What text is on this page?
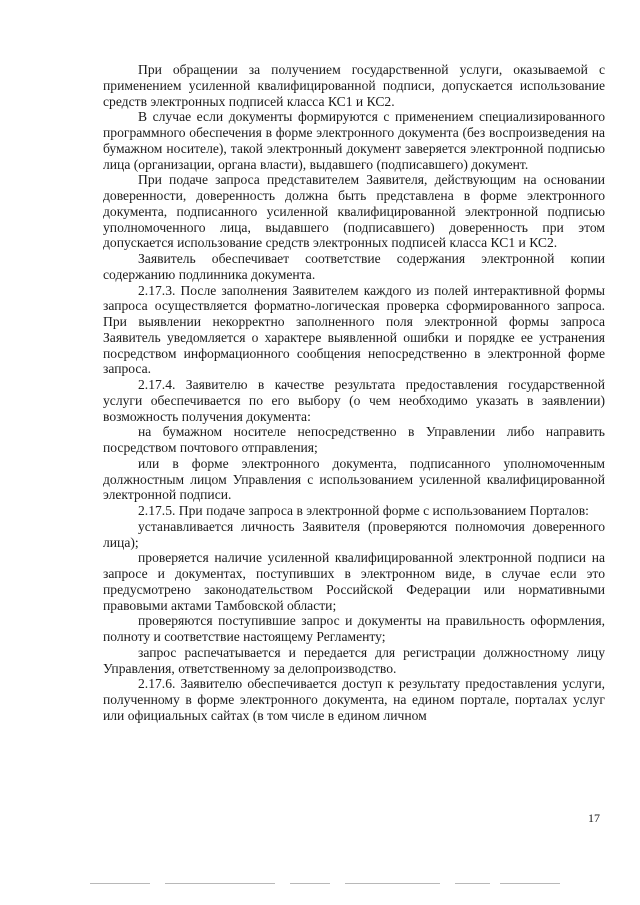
При обращении за получением государственной услуги, оказываемой с применением усиленной квалифицированной подписи, допускается использование средств электронных подписей класса КС1 и КС2.

В случае если документы формируются с применением специализированного программного обеспечения в форме электронного документа (без воспроизведения на бумажном носителе), такой электронный документ заверяется электронной подписью лица (организации, органа власти), выдавшего (подписавшего) документ.

При подаче запроса представителем Заявителя, действующим на основании доверенности, доверенность должна быть представлена в форме электронного документа, подписанного усиленной квалифицированной электронной подписью уполномоченного лица, выдавшего (подписавшего) доверенность при этом допускается использование средств электронных подписей класса КС1 и КС2.

Заявитель обеспечивает соответствие содержания электронной копии содержанию подлинника документа.

2.17.3. После заполнения Заявителем каждого из полей интерактивной формы запроса осуществляется форматно-логическая проверка сформированного запроса. При выявлении некорректно заполненного поля электронной формы запроса Заявитель уведомляется о характере выявленной ошибки и порядке ее устранения посредством информационного сообщения непосредственно в электронной форме запроса.

2.17.4. Заявителю в качестве результата предоставления государственной услуги обеспечивается по его выбору (о чем необходимо указать в заявлении) возможность получения документа:

на бумажном носителе непосредственно в Управлении либо направить посредством почтового отправления;

или в форме электронного документа, подписанного уполномоченным должностным лицом Управления с использованием усиленной квалифицированной электронной подписи.

2.17.5. При подаче запроса в электронной форме с использованием Порталов:

устанавливается личность Заявителя (проверяются полномочия доверенного лица);

проверяется наличие усиленной квалифицированной электронной подписи на запросе и документах, поступивших в электронном виде, в случае если это предусмотрено законодательством Российской Федерации или нормативными правовыми актами Тамбовской области;

проверяются поступившие запрос и документы на правильность оформления, полноту и соответствие настоящему Регламенту;

запрос распечатывается и передается для регистрации должностному лицу Управления, ответственному за делопроизводство.

2.17.6. Заявителю обеспечивается доступ к результату предоставления услуги, полученному в форме электронного документа, на едином портале, порталах услуг или официальных сайтах (в том числе в едином личном

17
